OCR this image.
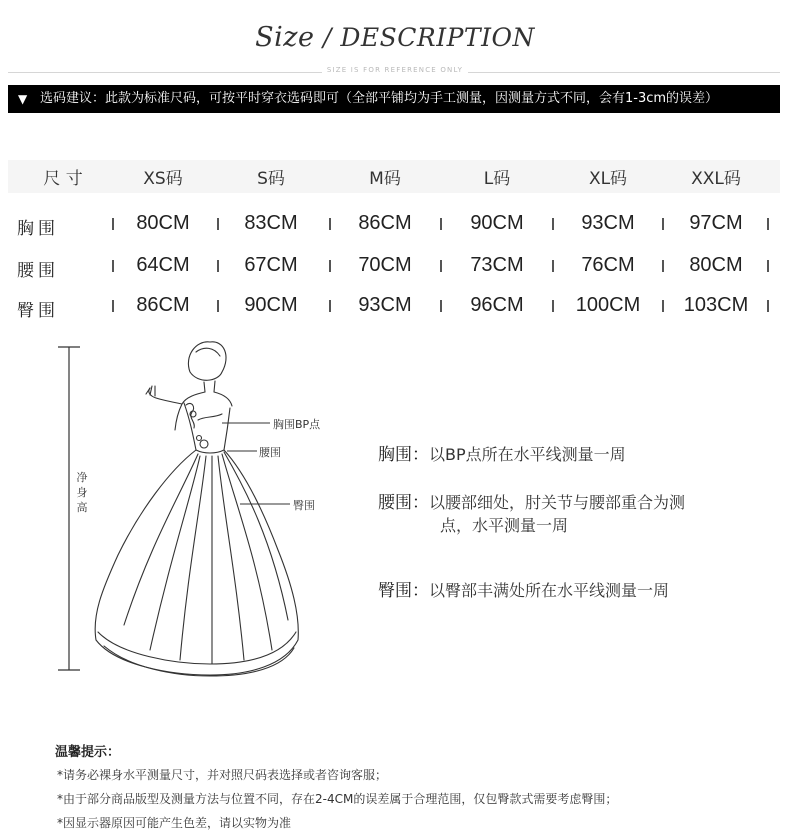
Size / DESCRIPTION
SIZE IS FOR REFERENCE ONLY
▼ 选码建议：此款为标准尺码，可按平时穿衣选码即可（全部平铺均为手工测量，因测量方式不同，会有1-3cm的误差）
尺 寸	XS码	S码	M码	L码	XL码	XXL码
胸围	80CM	83CM	86CM	90CM	93CM	97CM
腰围	64CM	67CM	70CM	73CM	76CM	80CM
臀围	86CM	90CM	93CM	96CM	100CM	103CM
净身高
胸围BP点
腰围
臀围
胸围：以BP点所在水平线测量一周
腰围：以腰部细处，肘关节与腰部重合为测
点，水平测量一周
臀围：以臀部丰满处所在水平线测量一周
温馨提示：
*请务必裸身水平测量尺寸，并对照尺码表选择或者咨询客服；
*由于部分商品版型及测量方法与位置不同，存在2-4CM的误差属于合理范围，仅包臀款式需要考虑臀围；
*因显示器原因可能产生色差，请以实物为准
